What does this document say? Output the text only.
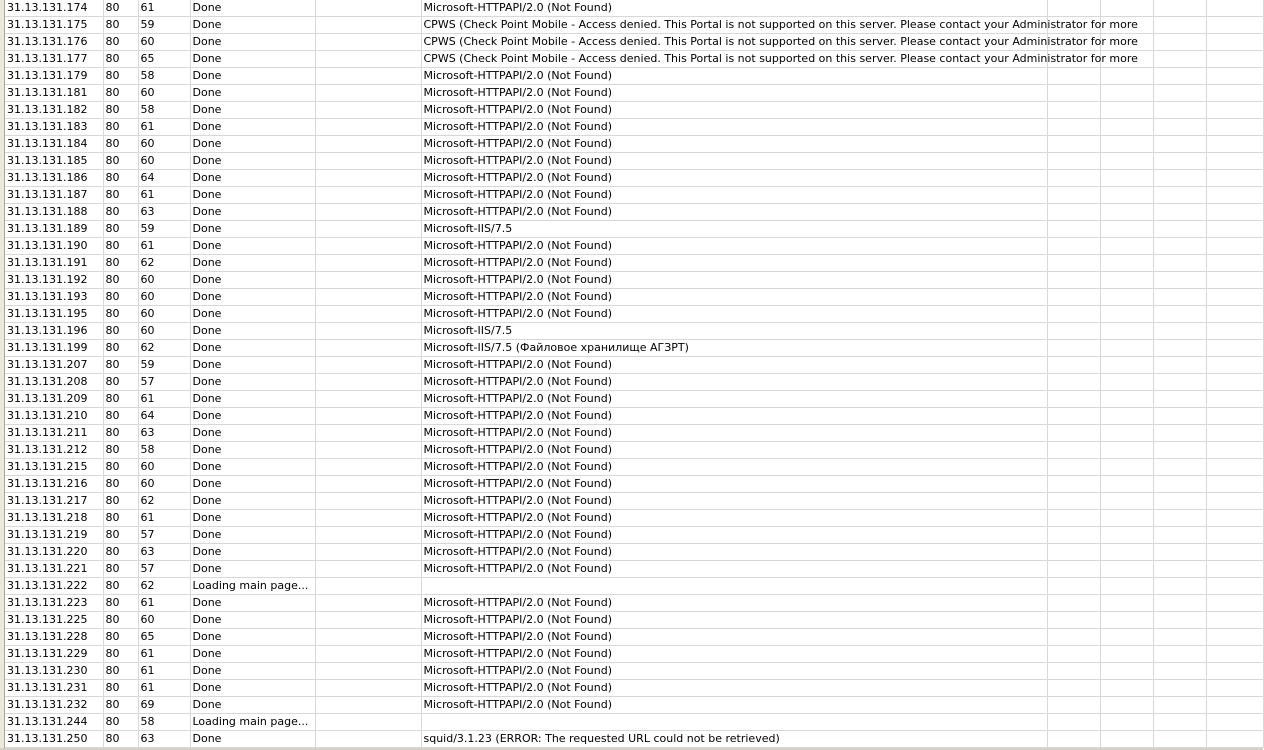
31.13.131.174	80	61	Done		Microsoft-HTTPAPI/2.0 (Not Found)				
31.13.131.175	80	59	Done		CPWS (Check Point Mobile - Access denied. This Portal is not supported on this server. Please contact your Administrator for more				
31.13.131.176	80	60	Done		CPWS (Check Point Mobile - Access denied. This Portal is not supported on this server. Please contact your Administrator for more				
31.13.131.177	80	65	Done		CPWS (Check Point Mobile - Access denied. This Portal is not supported on this server. Please contact your Administrator for more				
31.13.131.179	80	58	Done		Microsoft-HTTPAPI/2.0 (Not Found)				
31.13.131.181	80	60	Done		Microsoft-HTTPAPI/2.0 (Not Found)				
31.13.131.182	80	58	Done		Microsoft-HTTPAPI/2.0 (Not Found)				
31.13.131.183	80	61	Done		Microsoft-HTTPAPI/2.0 (Not Found)				
31.13.131.184	80	60	Done		Microsoft-HTTPAPI/2.0 (Not Found)				
31.13.131.185	80	60	Done		Microsoft-HTTPAPI/2.0 (Not Found)				
31.13.131.186	80	64	Done		Microsoft-HTTPAPI/2.0 (Not Found)				
31.13.131.187	80	61	Done		Microsoft-HTTPAPI/2.0 (Not Found)				
31.13.131.188	80	63	Done		Microsoft-HTTPAPI/2.0 (Not Found)				
31.13.131.189	80	59	Done		Microsoft-IIS/7.5				
31.13.131.190	80	61	Done		Microsoft-HTTPAPI/2.0 (Not Found)				
31.13.131.191	80	62	Done		Microsoft-HTTPAPI/2.0 (Not Found)				
31.13.131.192	80	60	Done		Microsoft-HTTPAPI/2.0 (Not Found)				
31.13.131.193	80	60	Done		Microsoft-HTTPAPI/2.0 (Not Found)				
31.13.131.195	80	60	Done		Microsoft-HTTPAPI/2.0 (Not Found)				
31.13.131.196	80	60	Done		Microsoft-IIS/7.5				
31.13.131.199	80	62	Done		Microsoft-IIS/7.5 (Файловое хранилище АГЗРТ)				
31.13.131.207	80	59	Done		Microsoft-HTTPAPI/2.0 (Not Found)				
31.13.131.208	80	57	Done		Microsoft-HTTPAPI/2.0 (Not Found)				
31.13.131.209	80	61	Done		Microsoft-HTTPAPI/2.0 (Not Found)				
31.13.131.210	80	64	Done		Microsoft-HTTPAPI/2.0 (Not Found)				
31.13.131.211	80	63	Done		Microsoft-HTTPAPI/2.0 (Not Found)				
31.13.131.212	80	58	Done		Microsoft-HTTPAPI/2.0 (Not Found)				
31.13.131.215	80	60	Done		Microsoft-HTTPAPI/2.0 (Not Found)				
31.13.131.216	80	60	Done		Microsoft-HTTPAPI/2.0 (Not Found)				
31.13.131.217	80	62	Done		Microsoft-HTTPAPI/2.0 (Not Found)				
31.13.131.218	80	61	Done		Microsoft-HTTPAPI/2.0 (Not Found)				
31.13.131.219	80	57	Done		Microsoft-HTTPAPI/2.0 (Not Found)				
31.13.131.220	80	63	Done		Microsoft-HTTPAPI/2.0 (Not Found)				
31.13.131.221	80	57	Done		Microsoft-HTTPAPI/2.0 (Not Found)				
31.13.131.222	80	62	Loading main page...						
31.13.131.223	80	61	Done		Microsoft-HTTPAPI/2.0 (Not Found)				
31.13.131.225	80	60	Done		Microsoft-HTTPAPI/2.0 (Not Found)				
31.13.131.228	80	65	Done		Microsoft-HTTPAPI/2.0 (Not Found)				
31.13.131.229	80	61	Done		Microsoft-HTTPAPI/2.0 (Not Found)				
31.13.131.230	80	61	Done		Microsoft-HTTPAPI/2.0 (Not Found)				
31.13.131.231	80	61	Done		Microsoft-HTTPAPI/2.0 (Not Found)				
31.13.131.232	80	69	Done		Microsoft-HTTPAPI/2.0 (Not Found)				
31.13.131.244	80	58	Loading main page...						
31.13.131.250	80	63	Done		squid/3.1.23 (ERROR: The requested URL could not be retrieved)				
